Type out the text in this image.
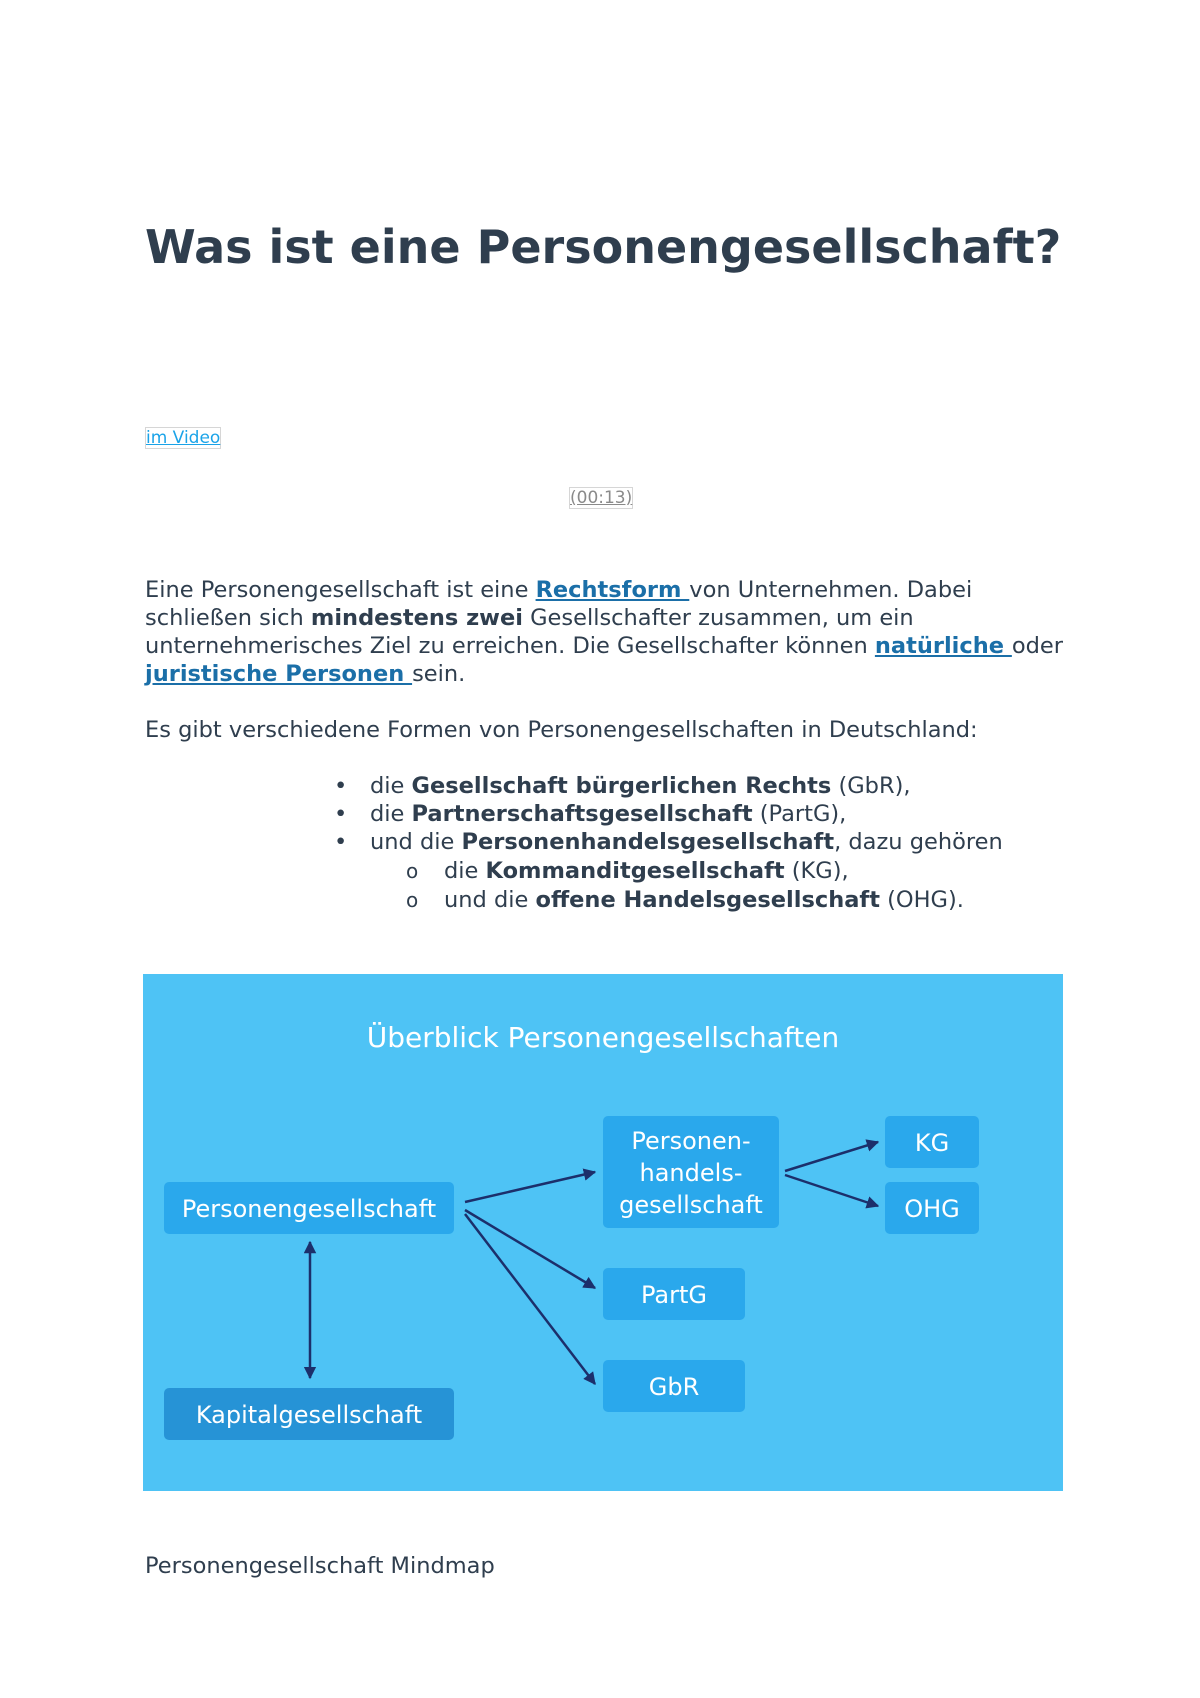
Was ist eine Personengesellschaft?
im Video
(00:13)

Eine Personengesellschaft ist eine Rechtsform von Unternehmen. Dabei schließen sich mindestens zwei Gesellschafter zusammen, um ein unternehmerisches Ziel zu erreichen. Die Gesellschafter können natürliche oder juristische Personen sein.

Es gibt verschiedene Formen von Personengesellschaften in Deutschland:

• die Gesellschaft bürgerlichen Rechts (GbR),
• die Partnerschaftsgesellschaft (PartG),
• und die Personenhandelsgesellschaft, dazu gehören
o die Kommanditgesellschaft (KG),
o und die offene Handelsgesellschaft (OHG).
Überblick Personengesellschaften
Personengesellschaft
Kapitalgesellschaft
Personen-
handels-
gesellschaft
PartG
GbR
KG
OHG
Personengesellschaft Mindmap
